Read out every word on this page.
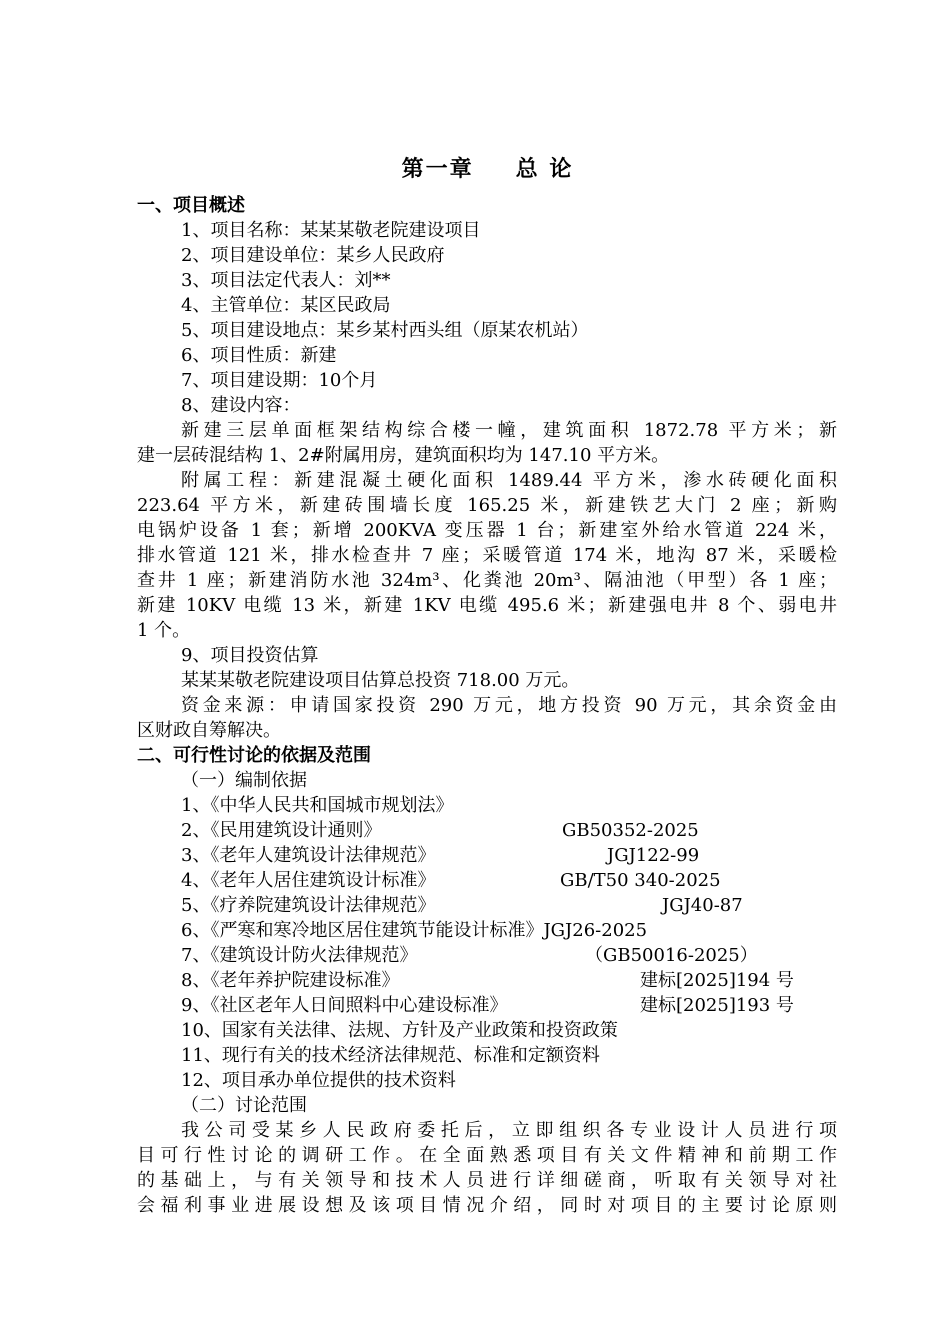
第一章 总 论
一、项目概述
1、项目名称：某某某敬老院建设项目
2、项目建设单位：某乡人民政府
3、项目法定代表人：刘**
4、主管单位：某区民政局
5、项目建设地点：某乡某村西头组（原某农机站）
6、项目性质：新建
7、项目建设期：10个月
8、建设内容：
新建三层单面框架结构综合楼一幢，建筑面积 1872.78 平方米；新
建一层砖混结构 1、2#附属用房，建筑面积均为 147.10 平方米。
附属工程：新建混凝土硬化面积 1489.44 平方米，渗水砖硬化面积
223.64 平方米，新建砖围墙长度 165.25 米，新建铁艺大门 2 座；新购
电锅炉设备 1 套；新增 200KVA 变压器 1 台；新建室外给水管道 224 米，
排水管道 121 米，排水检查井 7 座；采暖管道 174 米，地沟 87 米，采暖检
查井 1 座；新建消防水池 324m³、化粪池 20m³、隔油池（甲型）各 1 座；
新建 10KV 电缆 13 米，新建 1KV 电缆 495.6 米；新建强电井 8 个、弱电井
1 个。
9、项目投资估算
某某某敬老院建设项目估算总投资 718.00 万元。
资金来源：申请国家投资 290 万元，地方投资 90 万元，其余资金由
区财政自筹解决。
二、可行性讨论的依据及范围
（一）编制依据
1、《中华人民共和国城市规划法》
2、《民用建筑设计通则》	GB50352-2025
3、《老年人建筑设计法律规范》	JGJ122-99
4、《老年人居住建筑设计标准》	GB/T50 340-2025
5、《疗养院建筑设计法律规范》	JGJ40-87
6、《严寒和寒冷地区居住建筑节能设计标准》JGJ26-2025
7、《建筑设计防火法律规范》	（GB50016-2025）
8、《老年养护院建设标准》	建标[2025]194 号
9、《社区老年人日间照料中心建设标准》	建标[2025]193 号
10、国家有关法律、法规、方针及产业政策和投资政策
11、现行有关的技术经济法律规范、标准和定额资料
12、项目承办单位提供的技术资料
（二）讨论范围
我公司受某乡人民政府委托后，立即组织各专业设计人员进行项
目可行性讨论的调研工作。在全面熟悉项目有关文件精神和前期工作
的基础上，与有关领导和技术人员进行详细磋商，听取有关领导对社
会福利事业进展设想及该项目情况介绍，同时对项目的主要讨论原则
